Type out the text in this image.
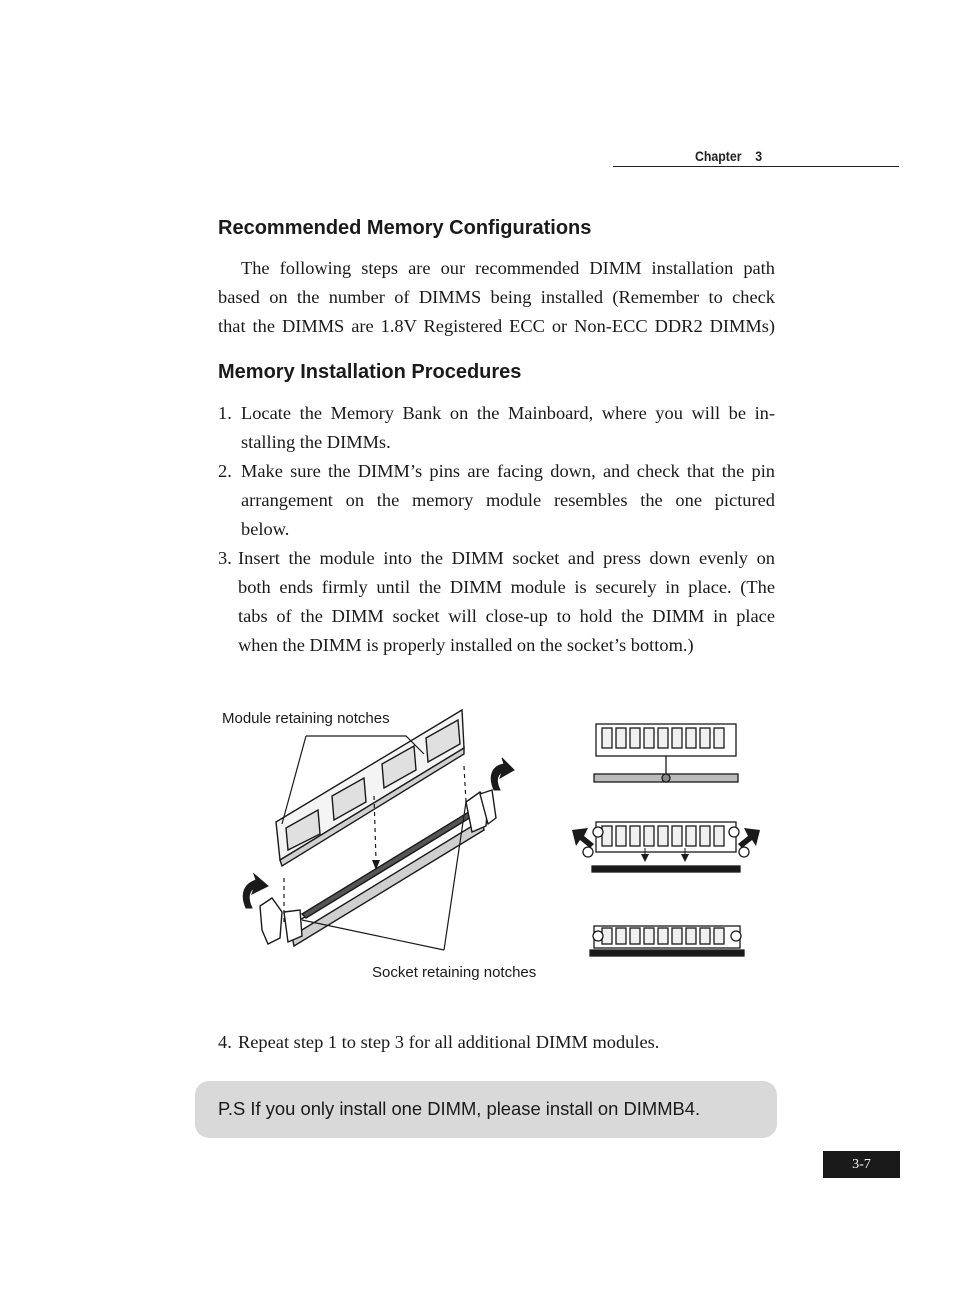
Chapter    3
Recommended Memory Configurations
The following steps are our recommended DIMM installation path
based on the number of DIMMS being installed (Remember to check
that the DIMMS are 1.8V Registered ECC or Non-ECC DDR2 DIMMs)
Memory Installation Procedures
1. Locate the Memory Bank on the Mainboard, where you will be in-
stalling the DIMMs.
2. Make sure the DIMM’s pins are facing down, and check that the pin
arrangement on the memory module resembles the one pictured
below.
3. Insert the module into the DIMM socket and press down evenly on
both ends firmly until the DIMM module is securely in place. (The
tabs of the DIMM socket will close-up to hold the DIMM in place
when the DIMM is properly installed on the socket’s bottom.)
Module retaining notches
Socket retaining notches
4. Repeat step 1 to step 3 for all additional DIMM modules.
P.S If you only install one DIMM, please install on DIMMB4.
3-7
